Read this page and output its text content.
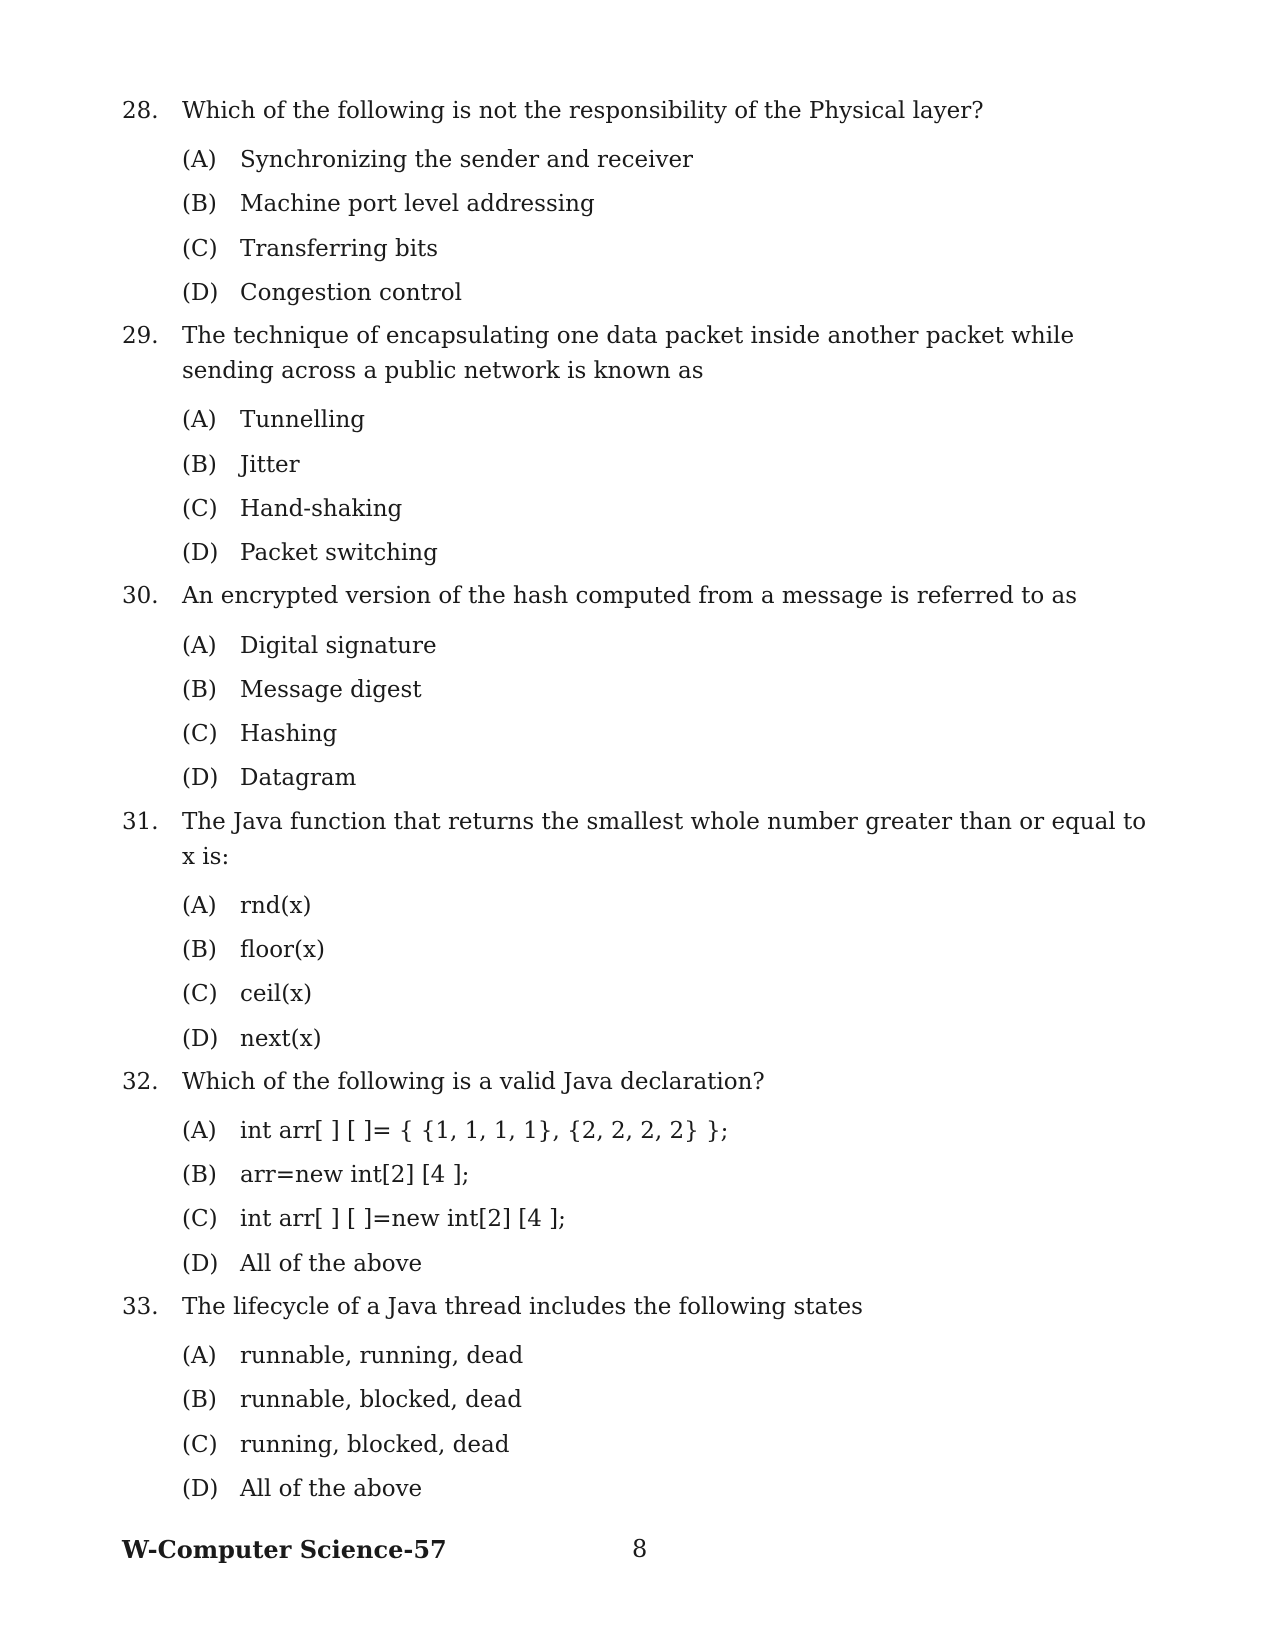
28.	Which of the following is not the responsibility of the Physical layer?
(A)	Synchronizing the sender and receiver
(B)	Machine port level addressing
(C) Transferring bits
(D) Congestion control
29.	The technique of encapsulating one data packet inside another packet while sending across a public network is known as
(A)	Tunnelling
(B)	Jitter
(C) Hand-shaking
(D) Packet switching
30.	An encrypted version of the hash computed from a message is referred to as
(A)	Digital signature
(B)	Message digest
(C) Hashing
(D) Datagram
31.	The Java function that returns the smallest whole number greater than or equal to x is:
(A)	rnd(x)
(B)	floor(x)
(C) ceil(x)
(D) next(x)
32.	Which of the following is a valid Java declaration?
(A)	int arr[ ] [ ]= { {1, 1, 1, 1}, {2, 2, 2, 2} };
(B)	arr=new int[2] [4 ];
(C) int arr[ ] [ ]=new int[2] [4 ];
(D) All of the above
33.	The lifecycle of a Java thread includes the following states
(A)	runnable, running, dead
(B)	runnable, blocked, dead
(C) running, blocked, dead
(D) All of the above
W-Computer Science-57	8
